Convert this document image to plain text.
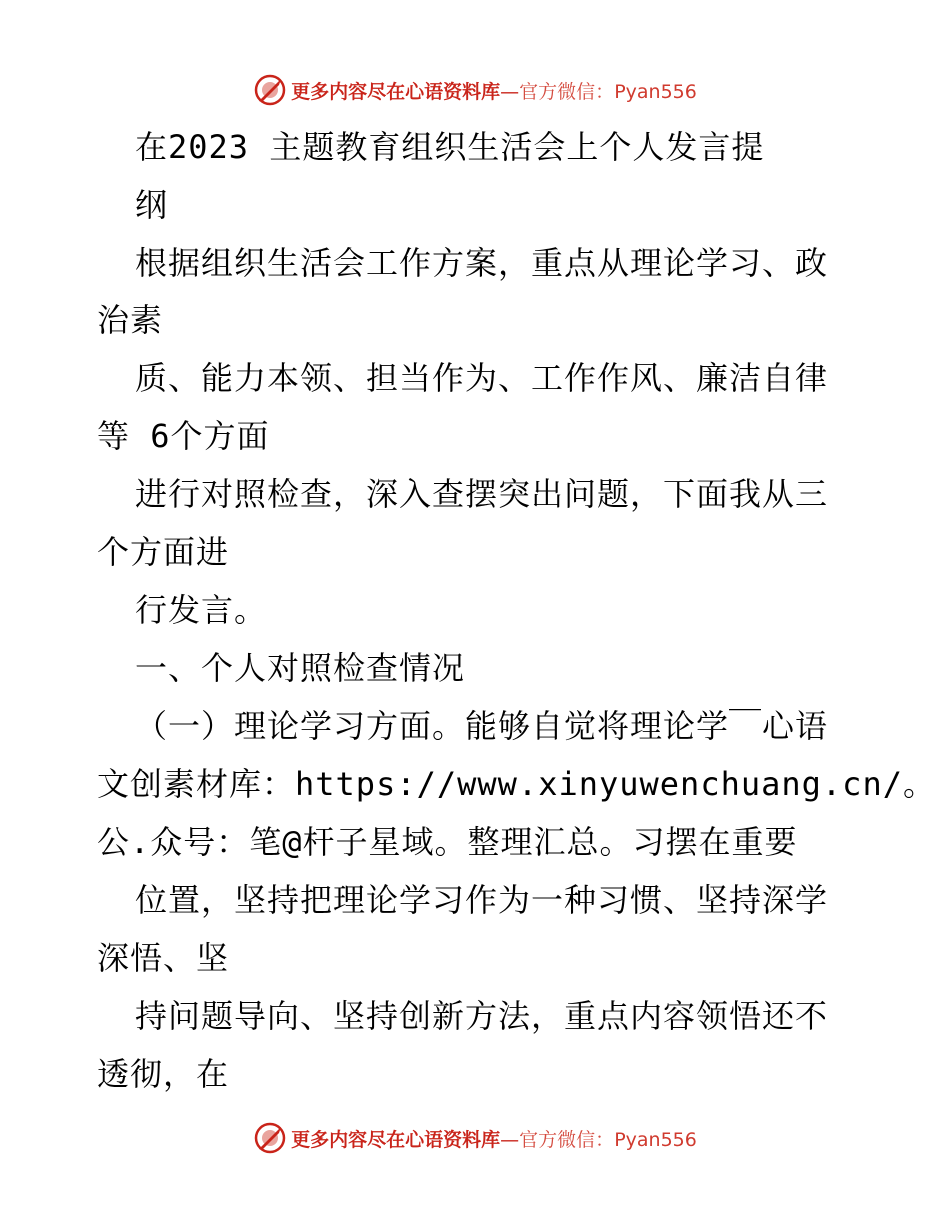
更多内容尽在心语资料库—官方微信：Pyan556
在2023 主题教育组织生活会上个人发言提
纲
根据组织生活会工作方案，重点从理论学习、政
治素
质、能力本领、担当作为、工作作风、廉洁自律
等 6个方面
进行对照检查，深入查摆突出问题，下面我从三
个方面进
行发言。
一、个人对照检查情况
（一）理论学习方面。能够自觉将理论学￣心语
文创素材库：https://www.xinyuwenchuang.cn/。
公.众号：笔@杆子星域。整理汇总。习摆在重要
位置，坚持把理论学习作为一种习惯、坚持深学
深悟、坚
持问题导向、坚持创新方法，重点内容领悟还不
透彻，在
更多内容尽在心语资料库—官方微信：Pyan556
